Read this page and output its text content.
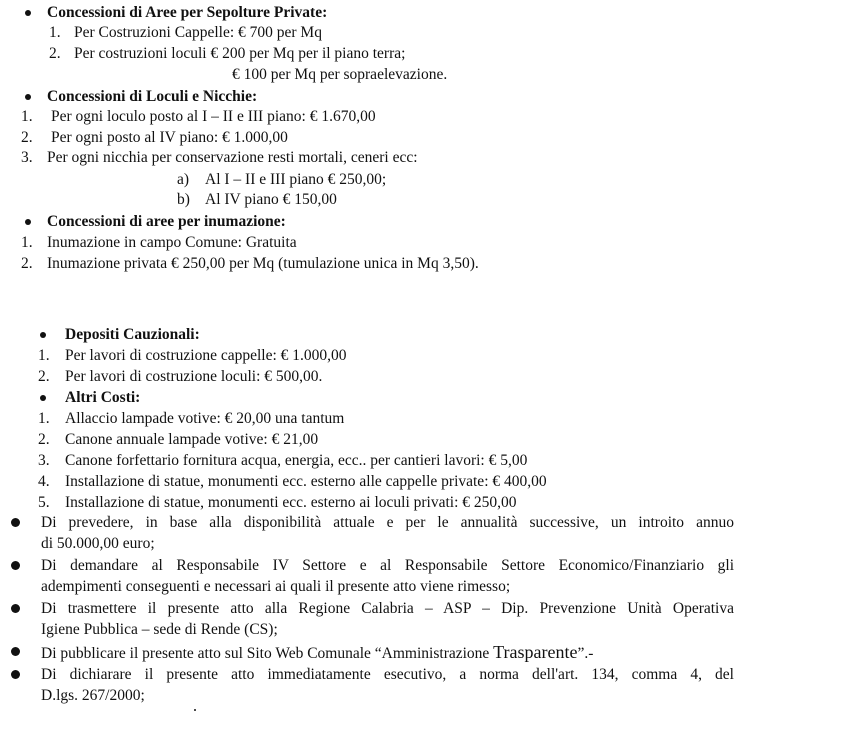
Concessioni di Aree per Sepolture Private:
1. Per Costruzioni Cappelle: € 700 per Mq
2. Per costruzioni loculi € 200 per Mq per il piano terra;
€ 100 per Mq per sopraelevazione.
Concessioni di Loculi e Nicchie:
1. Per ogni loculo posto al I – II e III piano: € 1.670,00
2. Per ogni posto al IV piano: € 1.000,00
3. Per ogni nicchia per conservazione resti mortali, ceneri ecc:
a) Al I – II e III piano € 250,00;
b) Al IV piano € 150,00
Concessioni di aree per inumazione:
1. Inumazione in campo Comune: Gratuita
2. Inumazione privata € 250,00 per Mq (tumulazione unica in Mq 3,50).
Depositi Cauzionali:
1. Per lavori di costruzione cappelle: € 1.000,00
2. Per lavori di costruzione loculi: € 500,00.
Altri Costi:
1. Allaccio lampade votive: € 20,00 una tantum
2. Canone annuale lampade votive: € 21,00
3. Canone forfettario fornitura acqua, energia, ecc.. per cantieri lavori: € 5,00
4. Installazione di statue, monumenti ecc. esterno alle cappelle private: € 400,00
5. Installazione di statue, monumenti ecc. esterno ai loculi privati: € 250,00
Di prevedere, in base alla disponibilità attuale e per le annualità successive, un introito annuo
di 50.000,00 euro;
Di demandare al Responsabile IV Settore e al Responsabile Settore Economico/Finanziario gli
adempimenti conseguenti e necessari ai quali il presente atto viene rimesso;
Di trasmettere il presente atto alla Regione Calabria – ASP – Dip. Prevenzione Unità Operativa
Igiene Pubblica – sede di Rende (CS);
Di pubblicare il presente atto sul Sito Web Comunale “Amministrazione Trasparente”.-
Di dichiarare il presente atto immediatamente esecutivo, a norma dell'art. 134, comma 4, del
D.lgs. 267/2000;
